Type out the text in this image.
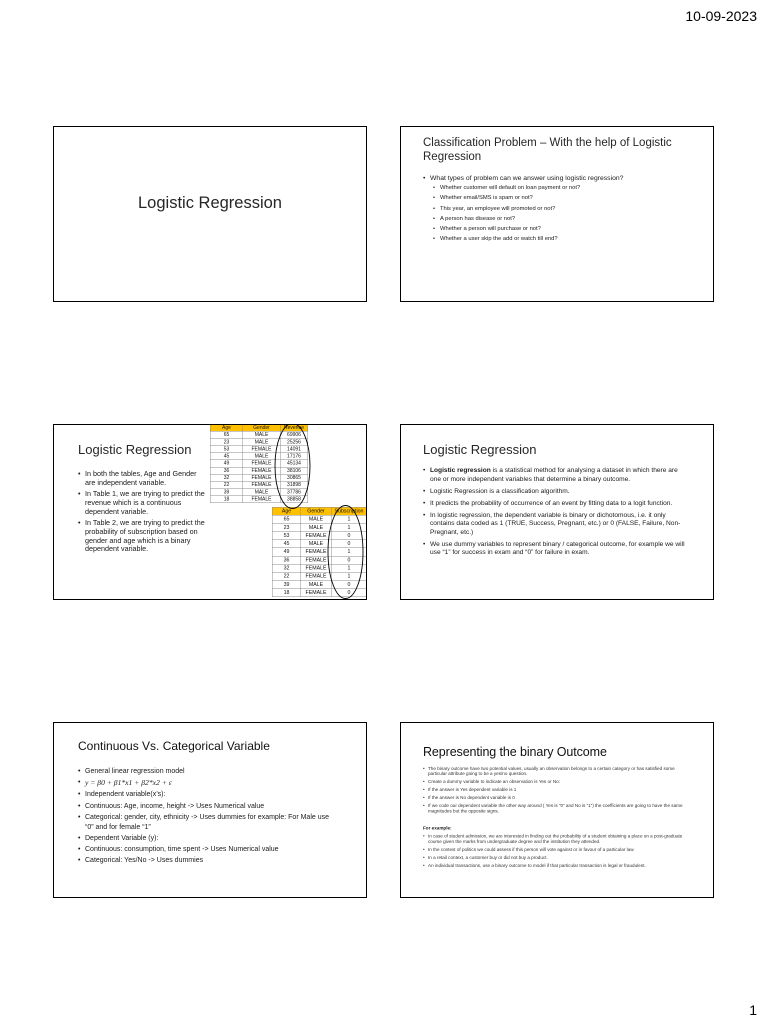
10-09-2023
Logistic Regression
Classification Problem – With the help of Logistic Regression
• What types of problem can we answer using logistic regression?
• Whether customer will default on loan payment or not?
• Whether email/SMS is spam or not?
• This year, an employee will promoted or not?
• A person has disease or not?
• Whether a person will purchase or not?
• Whether a user skip the add or watch till end?
Logistic Regression
• In both the tables, Age and Gender are independent variable.
• In Table 1, we are trying to predict the revenue which is a continuous dependent variable.
• In Table 2, we are trying to predict the probability of subscription based on gender and age which is a binary dependent variable.
Age	Gender	Revenue
65	MALE	69906
23	MALE	25256
53	FEMALE	14091
45	MALE	17176
49	FEMALE	45134
36	FEMALE	38106
32	FEMALE	30865
22	FEMALE	31898
39	MALE	37786
18	FEMALE	38858
Age	Gender	Subscription
65	MALE	1
23	MALE	1
53	FEMALE	0
45	MALE	0
49	FEMALE	1
36	FEMALE	0
32	FEMALE	1
22	FEMALE	1
39	MALE	0
18	FEMALE	0
Logistic Regression
• Logistic regression is a statistical method for analysing a dataset in which there are one or more independent variables that determine a binary outcome.
• Logistic Regression is a classification algorithm.
• It predicts the probability of occurrence of an event by fitting data to a logit function.
• In logistic regression, the dependent variable is binary or dichotomous, i.e. it only contains data coded as 1 (TRUE, Success, Pregnant, etc.) or 0 (FALSE, Failure, Non-Pregnant, etc.)
• We use dummy variables to represent binary / categorical outcome, for example we will use “1” for success in exam and “0” for failure in exam.
Continuous Vs. Categorical Variable
• General linear regression model
• y = β0 + β1*x1 + β2*x2 + ε
• Independent variable(x’s):
• Continuous: Age, income, height -> Uses Numerical value
• Categorical: gender, city, ethnicity -> Uses dummies for example: For Male use “0” and for female “1”
• Dependent Variable (y):
• Continuous: consumption, time spent -> Uses Numerical value
• Categorical: Yes/No -> Uses dummies
Representing the binary Outcome
• The binary outcome have two potential values, usually an observation belongs to a certain category or has satisfied some particular attribute going to be a yes/no question.
• Create a dummy variable to indicate an observation is Yes or No:
• If the answer is Yes dependent variable is 1
• If the answer is No dependent variable is 0
• If we code our dependent variable the other way around ( Yes is “0” and No is “1”) the coefficients are going to have the same magnitudes but the opposite signs.
For example:
• In case of student admission, we are interested in finding out the probability of a student obtaining a place on a post-graduate course given the marks from undergraduate degree and the institution they attended.
• In the context of politics we could assess if this person will vote against or in favour of a particular law.
• In a retail context, a customer buy or did not buy a product.
• An individual transactions, use a binary outcome to model if that particular transaction is legal or fraudulent.
1
